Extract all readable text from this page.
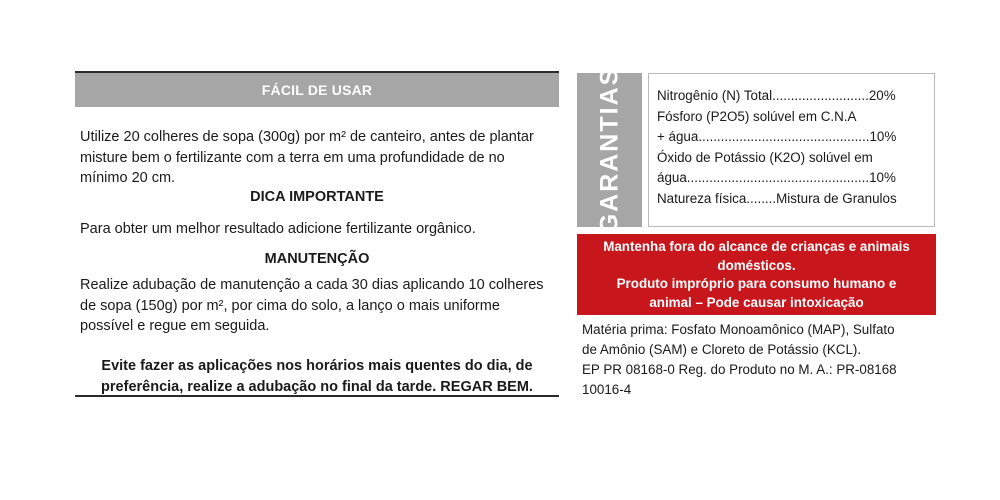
FÁCIL DE USAR

Utilize 20 colheres de sopa (300g) por m² de canteiro, antes de plantar misture bem o fertilizante com a terra em uma profundidade de no mínimo 20 cm.

DICA IMPORTANTE

Para obter um melhor resultado adicione fertilizante orgânico.

MANUTENÇÃO

Realize adubação de manutenção a cada 30 dias aplicando 10 colheres de sopa (150g) por m², por cima do solo, a lanço o mais uniforme possível e regue em seguida.

Evite fazer as aplicações nos horários mais quentes do dia, de preferência, realize a adubação no final da tarde. REGAR BEM.
GARANTIAS	Nitrogênio (N) Total..........................20%
Fósforo (P2O5) solúvel em C.N.A
+ água..............................................10%
Óxido de Potássio (K2O) solúvel em
água.................................................10%
Natureza física........Mistura de Granulos
Mantenha fora do alcance de crianças e animais
domésticos.
Produto impróprio para consumo humano e
animal – Pode causar intoxicação
Matéria prima: Fosfato Monoamônico (MAP), Sulfato
de Amônio (SAM) e Cloreto de Potássio (KCL).
EP PR 08168-0 Reg. do Produto no M. A.: PR-08168
10016-4
